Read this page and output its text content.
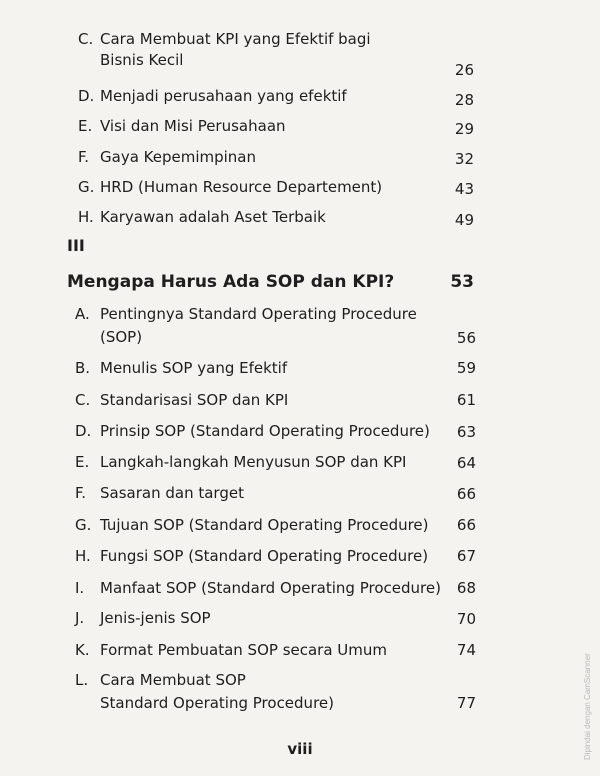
C. Cara Membuat KPI yang Efektif bagi
Bisnis Kecil
26
D. Menjadi perusahaan yang efektif	28
E. Visi dan Misi Perusahaan	29
F. Gaya Kepemimpinan	32
G. HRD (Human Resource Departement)	43
H. Karyawan adalah Aset Terbaik	49
III
Mengapa Harus Ada SOP dan KPI?	53
A. Pentingnya Standard Operating Procedure
(SOP)	56
B. Menulis SOP yang Efektif	59
C. Standarisasi SOP dan KPI	61
D. Prinsip SOP (Standard Operating Procedure)	63
E. Langkah-langkah Menyusun SOP dan KPI	64
F. Sasaran dan target	66
G. Tujuan SOP (Standard Operating Procedure)	66
H. Fungsi SOP (Standard Operating Procedure)	67
I. Manfaat SOP (Standard Operating Procedure)	68
J. Jenis-jenis SOP	70
K. Format Pembuatan SOP secara Umum	74
L. Cara Membuat SOP
Standard Operating Procedure)	77
viii	Dipindai dengan CamScanner
